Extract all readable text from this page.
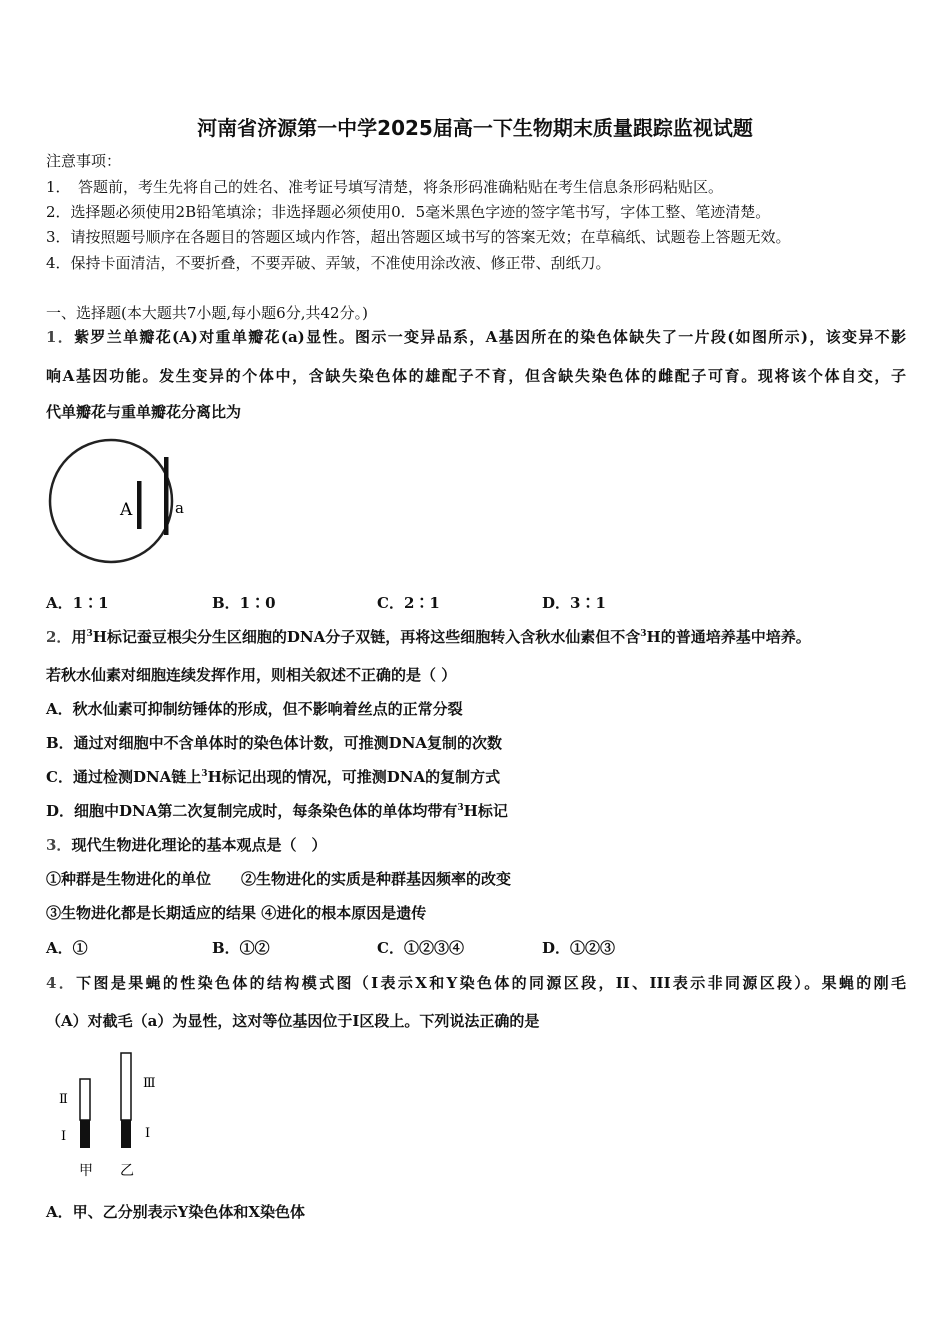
河南省济源第一中学2025届高一下生物期末质量跟踪监视试题
注意事项：
1．　答题前，考生先将自己的姓名、准考证号填写清楚，将条形码准确粘贴在考生信息条形码粘贴区。
2．选择题必须使用2B铅笔填涂；非选择题必须使用0．5毫米黑色字迹的签字笔书写，字体工整、笔迹清楚。
3．请按照题号顺序在各题目的答题区域内作答，超出答题区域书写的答案无效；在草稿纸、试题卷上答题无效。
4．保持卡面清洁，不要折叠，不要弄破、弄皱，不准使用涂改液、修正带、刮纸刀。
一、选择题(本大题共7小题,每小题6分,共42分。)
1．紫罗兰单瓣花(A)对重单瓣花(a)显性。图示一变异品系，A基因所在的染色体缺失了一片段(如图所示)，该变异不影
响A基因功能。发生变异的个体中，含缺失染色体的雄配子不育，但含缺失染色体的雌配子可育。现将该个体自交，子
代单瓣花与重单瓣花分离比为
A	a
A．1∶1	B．1∶0	C．2∶1	D．3∶1
2．用$^3$H标记蚕豆根尖分生区细胞的DNA分子双链，再将这些细胞转入含秋水仙素但不含$^3$H的普通培养基中培养。
若秋水仙素对细胞连续发挥作用，则相关叙述不正确的是（ ）
A．秋水仙素可抑制纺锤体的形成，但不影响着丝点的正常分裂
B．通过对细胞中不含单体时的染色体计数，可推测DNA复制的次数
C．通过检测DNA链上$^3$H标记出现的情况，可推测DNA的复制方式
D．细胞中DNA第二次复制完成时，每条染色体的单体均带有$^3$H标记
3．现代生物进化理论的基本观点是（　）
①种群是生物进化的单位　　②生物进化的实质是种群基因频率的改变
③生物进化都是长期适应的结果 ④进化的根本原因是遗传
A．①	B．①②	C．①②③④	D．①②③
4．下图是果蝇的性染色体的结构模式图（I表示X和Y染色体的同源区段，II、III表示非同源区段）。果蝇的刚毛
（A）对截毛（a）为显性，这对等位基因位于I区段上。下列说法正确的是
Ⅱ
I
Ⅲ
I
甲 乙
A．甲、乙分别表示Y染色体和X染色体
